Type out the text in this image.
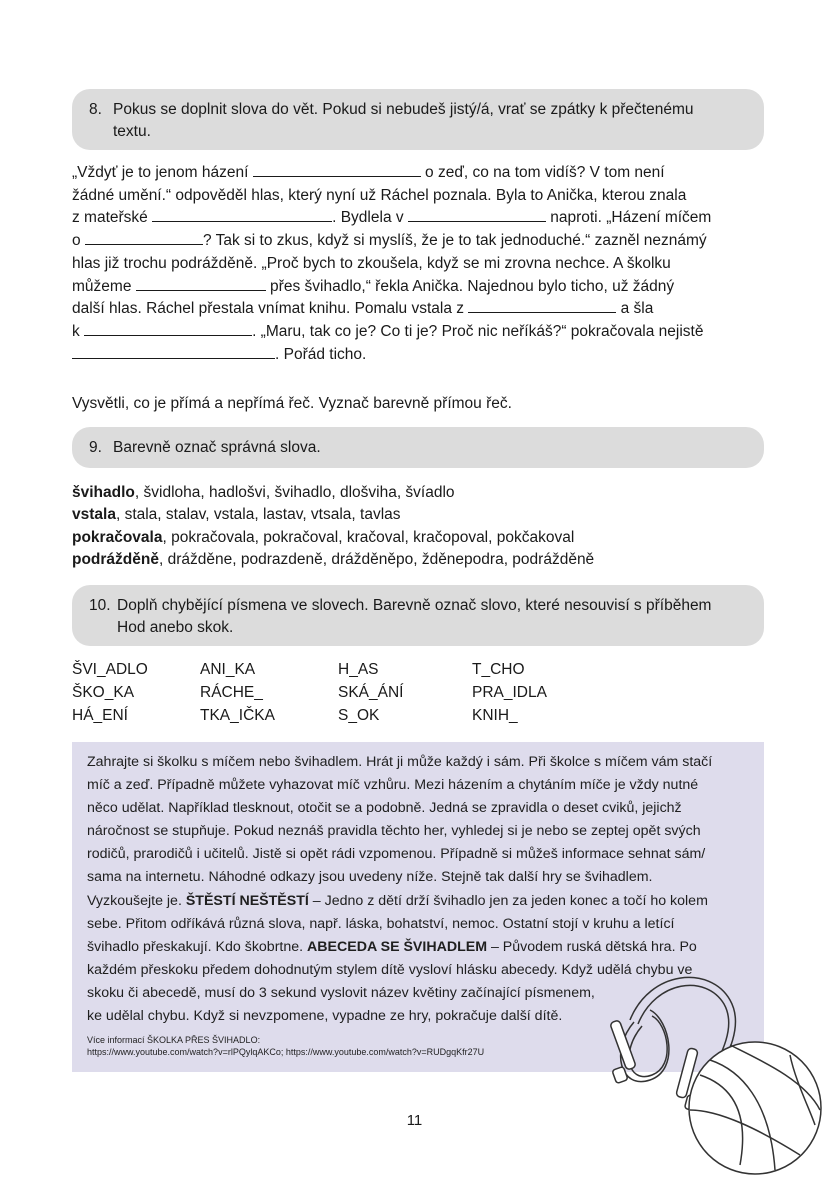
8. Pokus se doplnit slova do vět. Pokud si nebudeš jistý/á, vrať se zpátky k přečtenému
textu.
„Vždyť je to jenom házení	o zeď, co na tom vidíš? V tom není
žádné umění.“ odpověděl hlas, který nyní už Ráchel poznala. Byla to Anička, kterou znala
z mateřské	. Bydlela v	naproti. „Házení míčem
o	? Tak si to zkus, když si myslíš, že je to tak jednoduché.“ zazněl neznámý
hlas již trochu podrážděně. „Proč bych to zkoušela, když se mi zrovna nechce. A školku
můžeme	přes švihadlo,“ řekla Anička. Najednou bylo ticho, už žádný
další hlas. Ráchel přestala vnímat knihu. Pomalu vstala z	a šla
k	. „Maru, tak co je? Co ti je? Proč nic neříkáš?“ pokračovala nejistě
. Pořád ticho.
Vysvětli, co je přímá a nepřímá řeč. Vyznač barevně přímou řeč.
9. Barevně označ správná slova.
švihadlo, švidloha, hadlošvi, švihadlo, dlošviha, švíadlo
vstala, stala, stalav, vstala, lastav, vtsala, tavlas
pokračovala, pokračovala, pokračoval, kračoval, kračopoval, pokčakoval
podrážděně, drážděne, podrazdeně, drážděněpo, žděnepodra, podrážděně
10. Doplň chybějící písmena ve slovech. Barevně označ slovo, které nesouvisí s příběhem
Hod anebo skok.
ŠVI_ADLO	ANI_KA	H_AS	T_CHO
ŠKO_KA	RÁCHE_	SKÁ_ÁNÍ	PRA_IDLA
HÁ_ENÍ	TKA_IČKA	S_OK	KNIH_
Zahrajte si školku s míčem nebo švihadlem. Hrát ji může každý i sám. Při školce s míčem vám stačí
míč a zeď. Případně můžete vyhazovat míč vzhůru. Mezi házením a chytáním míče je vždy nutné
něco udělat. Například tlesknout, otočit se a podobně. Jedná se zpravidla o deset cviků, jejichž
náročnost se stupňuje. Pokud neznáš pravidla těchto her, vyhledej si je nebo se zeptej opět svých
rodičů, prarodičů i učitelů. Jistě si opět rádi vzpomenou. Případně si můžeš informace sehnat sám/
sama na internetu. Náhodné odkazy jsou uvedeny níže. Stejně tak další hry se švihadlem.
Vyzkoušejte je. ŠTĚSTÍ NEŠTĚSTÍ – Jedno z dětí drží švihadlo jen za jeden konec a točí ho kolem
sebe. Přitom odříkává různá slova, např. láska, bohatství, nemoc. Ostatní stojí v kruhu a letící
švihadlo přeskakují. Kdo škobrtne. ABECEDA SE ŠVIHADLEM – Původem ruská dětská hra. Po
každém přeskoku předem dohodnutým stylem dítě vysloví hlásku abecedy. Když udělá chybu ve
skoku či abecedě, musí do 3 sekund vyslovit název květiny začínající písmenem,
ke udělal chybu. Když si nevzpomene, vypadne ze hry, pokračuje další dítě.
Více informací ŠKOLKA PŘES ŠVIHADLO:
https://www.youtube.com/watch?v=rlPQylqAKCo; https://www.youtube.com/watch?v=RUDgqKfr27U
11
